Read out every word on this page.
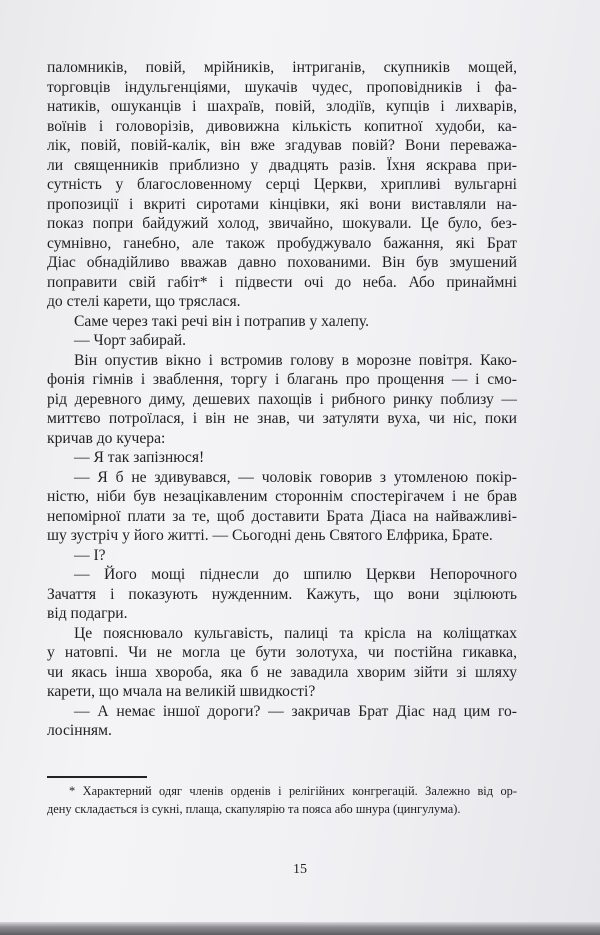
паломників, повій, мрійників, інтриганів, скупників мощей,
торговців індульгенціями, шукачів чудес, проповідників і фа-
натиків, ошуканців і шахраїв, повій, злодіїв, купців і лихварів,
воїнів і головорізів, дивовижна кількість копитної худоби, ка-
лік, повій, повій-калік, він вже згадував повій? Вони переважа-
ли священників приблизно у двадцять разів. Їхня яскрава при-
сутність у благословенному серці Церкви, хрипливі вульгарні
пропозиції і вкриті сиротами кінцівки, які вони виставляли на-
показ попри байдужий холод, звичайно, шокували. Це було, без-
сумнівно, ганебно, але також пробуджувало бажання, які Брат
Діас обнадійливо вважав давно похованими. Він був змушений
поправити свій габіт* і підвести очі до неба. Або принаймні
до стелі карети, що тряслася.
Саме через такі речі він і потрапив у халепу.
— Чорт забирай.
Він опустив вікно і встромив голову в морозне повітря. Како-
фонія гімнів і зваблення, торгу і благань про прощення — і смо-
рід деревного диму, дешевих пахощів і рибного ринку поблизу —
миттєво потроїлася, і він не знав, чи затуляти вуха, чи ніс, поки
кричав до кучера:
— Я так запізнюся!
— Я б не здивувався, — чоловік говорив з утомленою покір-
ністю, ніби був незацікавленим стороннім спостерігачем і не брав
непомірної плати за те, щоб доставити Брата Діаса на найважливі-
шу зустріч у його житті. — Сьогодні день Святого Елфрика, Брате.
— І?
— Його мощі піднесли до шпилю Церкви Непорочного
Зачаття і показують нужденним. Кажуть, що вони зцілюють
від подагри.
Це пояснювало кульгавість, палиці та крісла на коліщатках
у натовпі. Чи не могла це бути золотуха, чи постійна гикавка,
чи якась інша хвороба, яка б не завадила хворим зійти зі шляху
карети, що мчала на великій швидкості?
— А немає іншої дороги? — закричав Брат Діас над цим го-
лосінням.
* Характерний одяг членів орденів і релігійних конгрегацій. Залежно від ор-
дену складається із сукні, плаща, скапулярію та пояса або шнура (цингулума).
15
